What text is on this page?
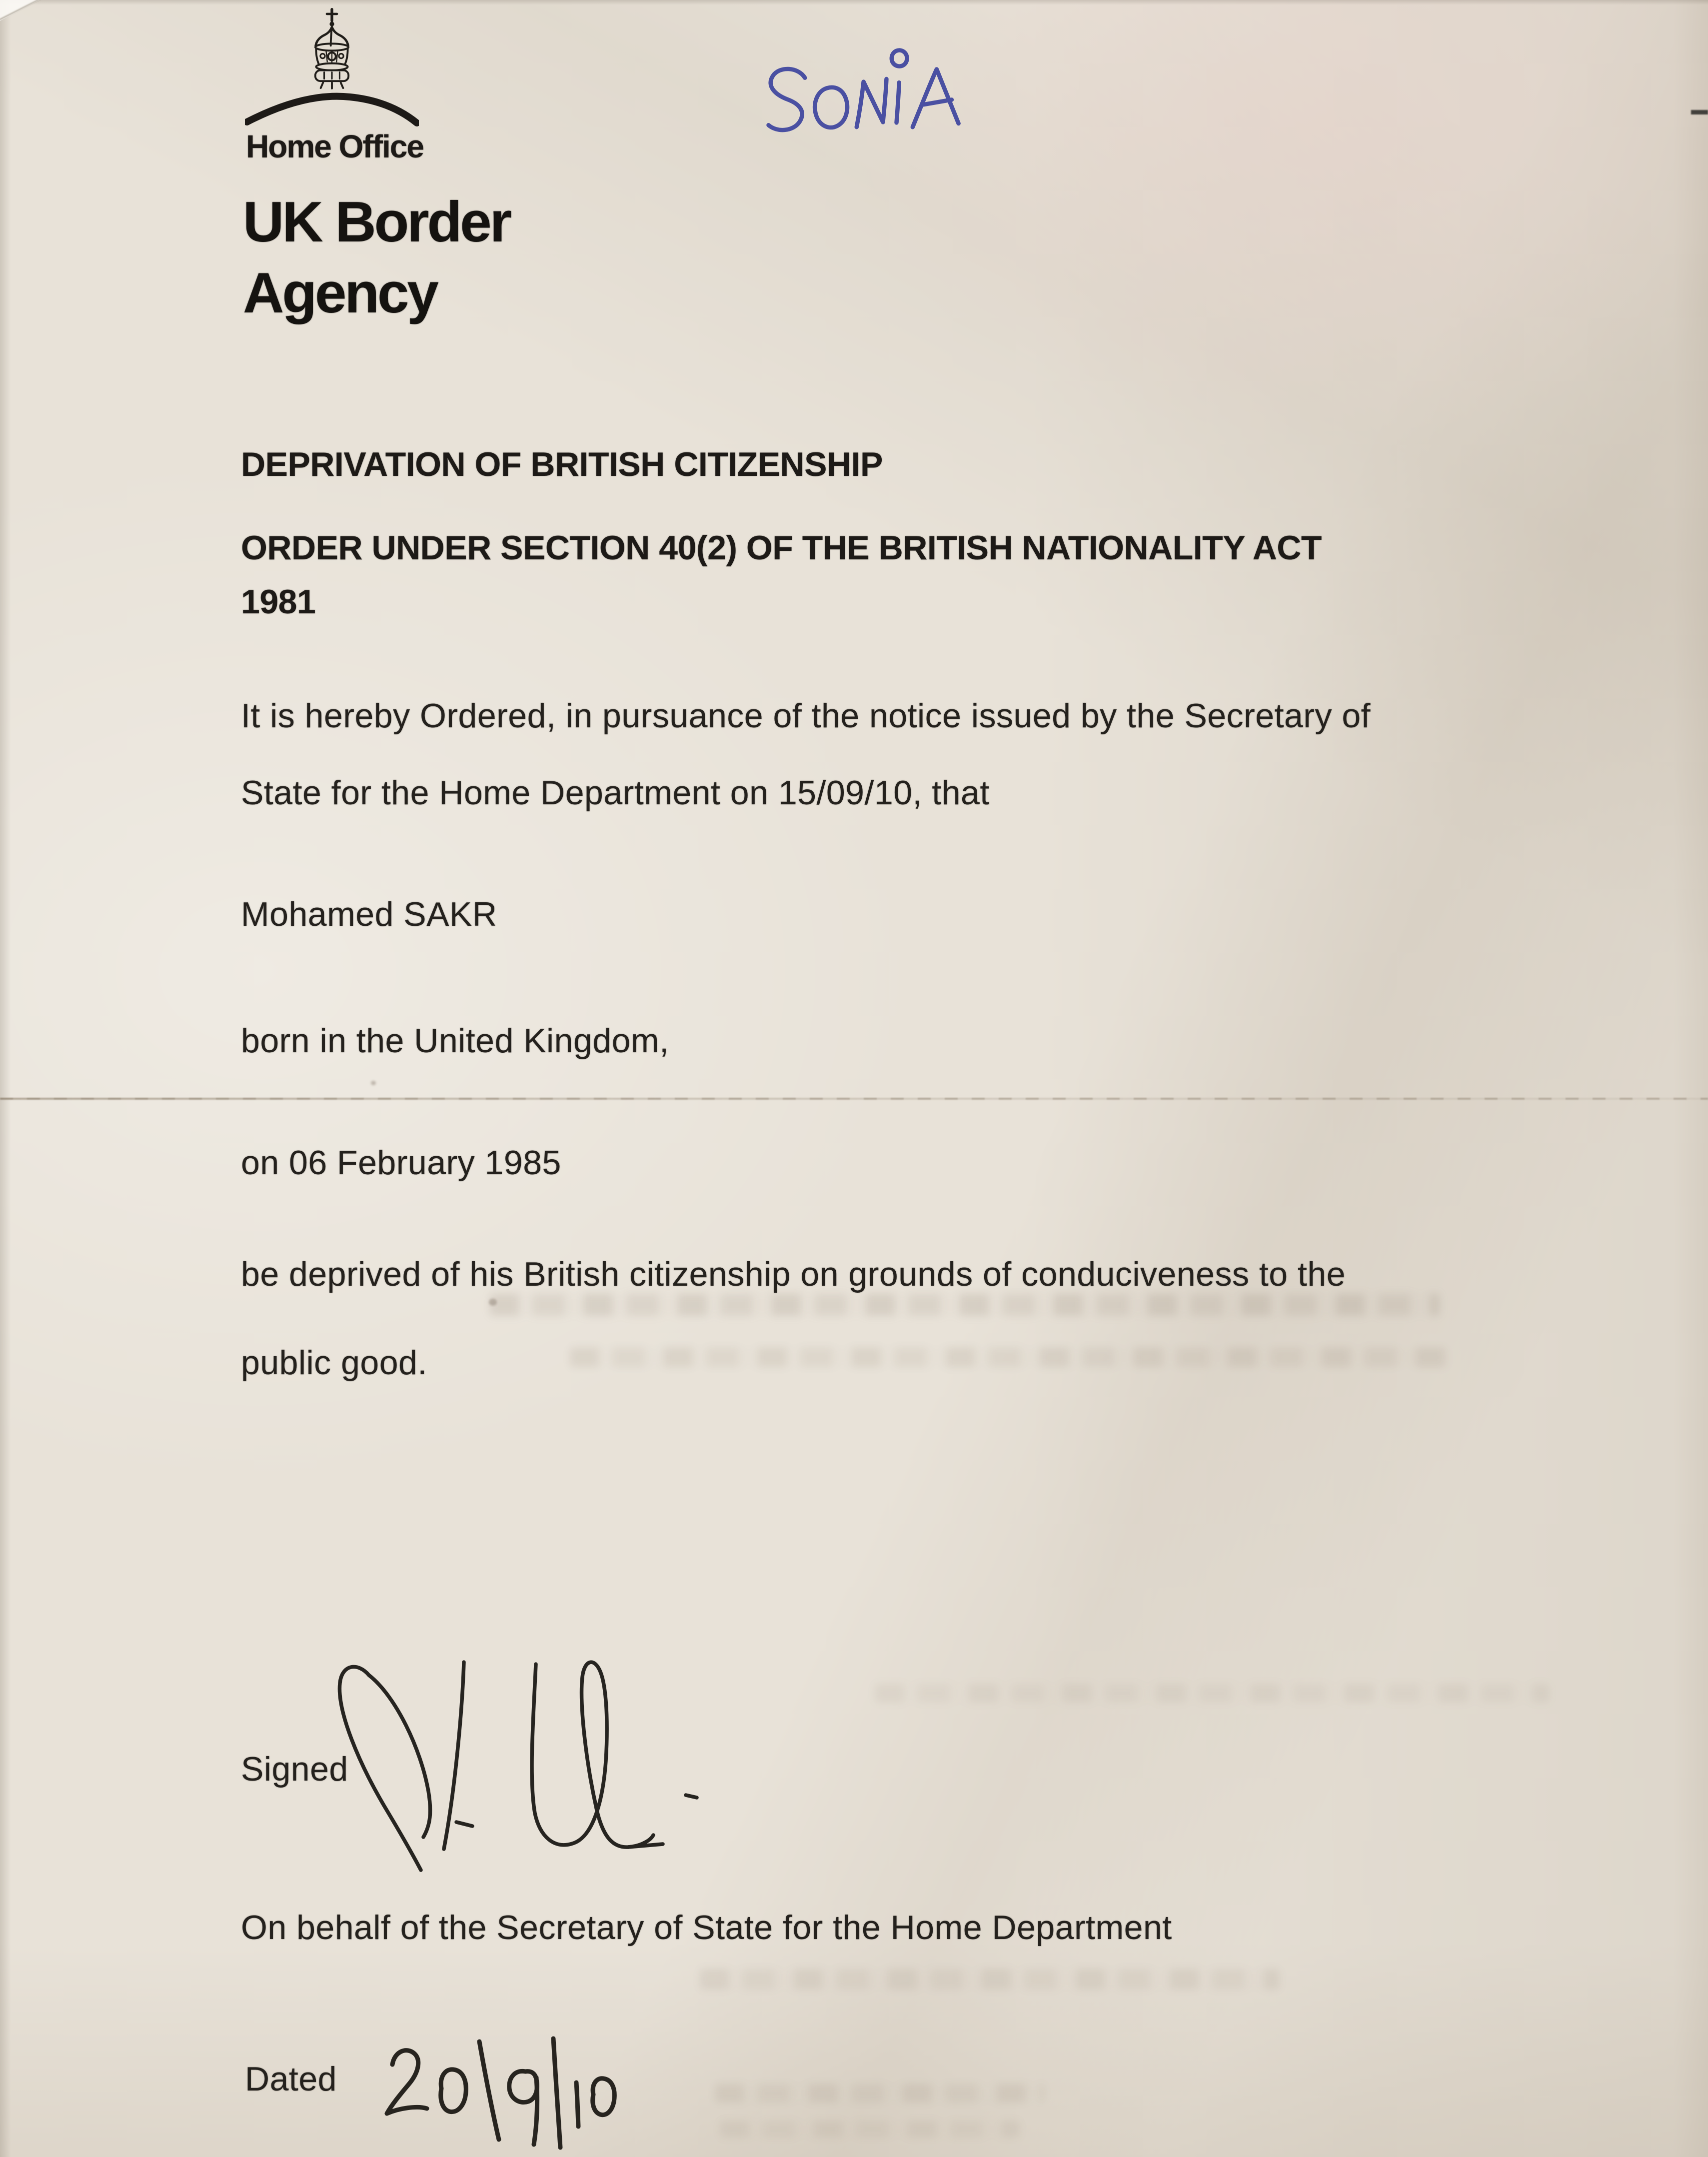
Home Office
UK Border
Agency
DEPRIVATION OF BRITISH CITIZENSHIP
ORDER UNDER SECTION 40(2) OF THE BRITISH NATIONALITY ACT
1981
It is hereby Ordered, in pursuance of the notice issued by the Secretary of
State for the Home Department on 15/09/10, that
Mohamed SAKR
born in the United Kingdom,
on 06 February 1985
be deprived of his British citizenship on grounds of conduciveness to the
public good.
Signed
On behalf of the Secretary of State for the Home Department
Dated
